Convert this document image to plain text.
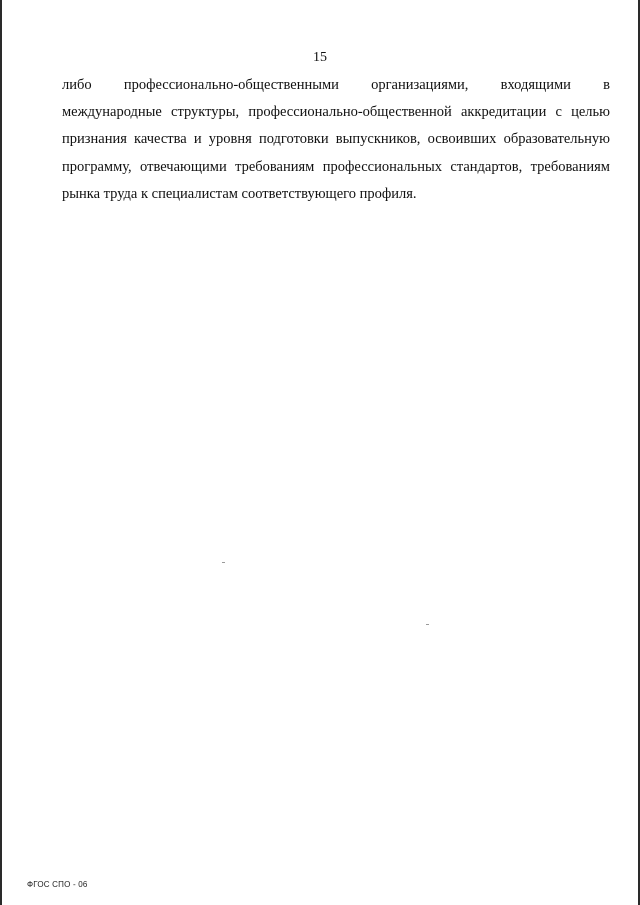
15
либо профессионально-общественными организациями, входящими в
международные структуры, профессионально-общественной аккредитации с целью
признания качества и уровня подготовки выпускников, освоивших образовательную
программу, отвечающими требованиям профессиональных стандартов, требованиям
рынка труда к специалистам соответствующего профиля.
ФГОС СПО - 06
